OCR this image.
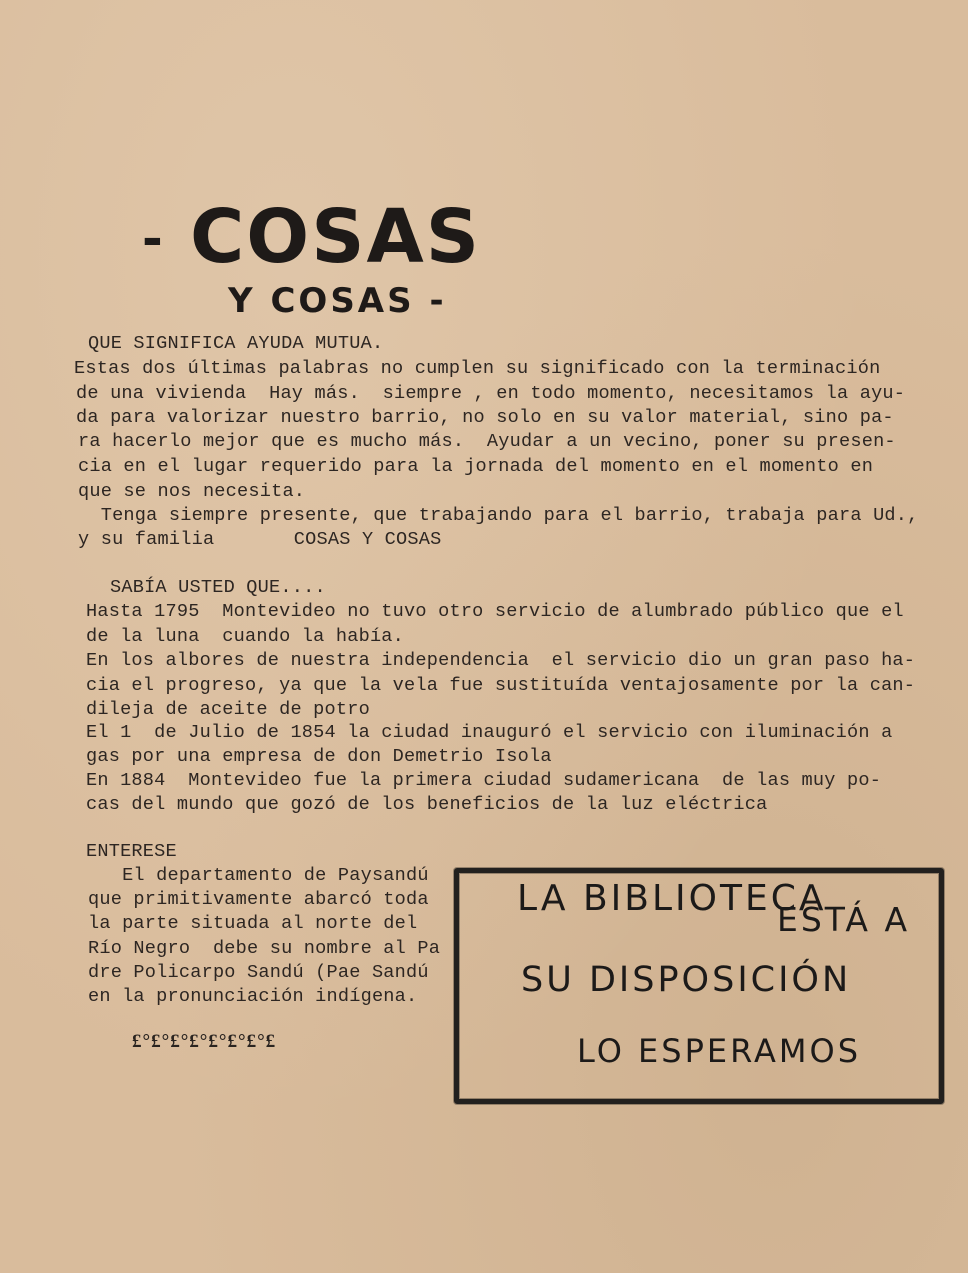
- COSAS
Y COSAS -
QUE SIGNIFICA AYUDA MUTUA.
Estas dos últimas palabras no cumplen su significado con la terminación
de una vivienda  Hay más.  siempre , en todo momento, necesitamos la ayu-
da para valorizar nuestro barrio, no solo en su valor material, sino pa-
ra hacerlo mejor que es mucho más.  Ayudar a un vecino, poner su presen-
cia en el lugar requerido para la jornada del momento en el momento en
que se nos necesita.
Tenga siempre presente, que trabajando para el barrio, trabaja para Ud.,
y su familia       COSAS Y COSAS
SABÍA USTED QUE....
Hasta 1795  Montevideo no tuvo otro servicio de alumbrado público que el
de la luna  cuando la había.
En los albores de nuestra independencia  el servicio dio un gran paso ha-
cia el progreso, ya que la vela fue sustituída ventajosamente por la can-
dileja de aceite de potro
El 1  de Julio de 1854 la ciudad inauguró el servicio con iluminación a
gas por una empresa de don Demetrio Isola
En 1884  Montevideo fue la primera ciudad sudamericana  de las muy po-
cas del mundo que gozó de los beneficios de la luz eléctrica
ENTERESE
El departamento de Paysandú
que primitivamente abarcó toda
la parte situada al norte del
Río Negro  debe su nombre al Pa
dre Policarpo Sandú (Pae Sandú
en la pronunciación indígena.
£°£°£°£°£°£°£°£
LA BIBLIOTECA
ESTÁ A
SU DISPOSICIÓN
LO ESPERAMOS
